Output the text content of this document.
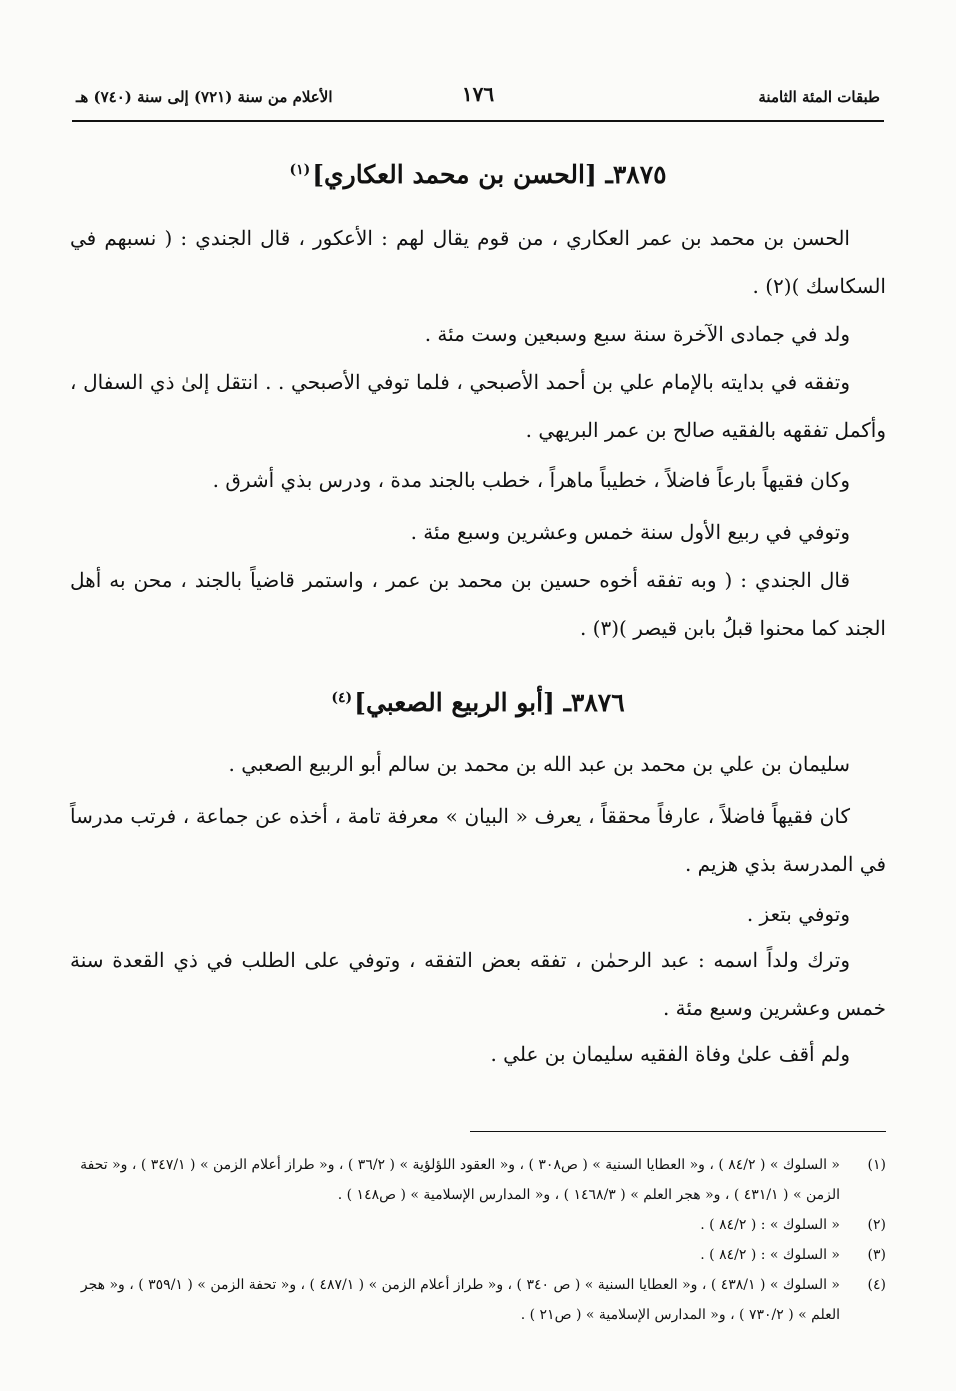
طبقات المئة الثامنة
١٧٦
الأعلام من سنة (٧٢١) إلى سنة (٧٤٠) هـ
٣٨٧٥ـ [الحسن بن محمد العكاري]$^{(١)}$

الحسن بن محمد بن عمر العكاري ، من قوم يقال لهم : الأعكور ، قال الجندي : ( نسبهم في السكاسك )(٢) .

ولد في جمادى الآخرة سنة سبع وسبعين وست مئة .

وتفقه في بدايته بالإمام علي بن أحمد الأصبحي ، فلما توفي الأصبحي . . انتقل إلىٰ ذي السفال ، وأكمل تفقهه بالفقيه صالح بن عمر البريهي .

وكان فقيهاً بارعاً فاضلاً ، خطيباً ماهراً ، خطب بالجند مدة ، ودرس بذي أشرق .

وتوفي في ربيع الأول سنة خمس وعشرين وسبع مئة .

قال الجندي : ( وبه تفقه أخوه حسين بن محمد بن عمر ، واستمر قاضياً بالجند ، محن به أهل الجند كما محنوا قبلُ بابن قيصر )(٣) .

٣٨٧٦ـ [أبو الربيع الصعبي]$^{(٤)}$

سليمان بن علي بن محمد بن عبد الله بن محمد بن سالم أبو الربيع الصعبي .

كان فقيهاً فاضلاً ، عارفاً محققاً ، يعرف « البيان » معرفة تامة ، أخذه عن جماعة ، فرتب مدرساً في المدرسة بذي هزيم .

وتوفي بتعز .

وترك ولداً اسمه : عبد الرحمٰن ، تفقه بعض التفقه ، وتوفي على الطلب في ذي القعدة سنة خمس وعشرين وسبع مئة .

ولم أقف علىٰ وفاة الفقيه سليمان بن علي .

(١)
« السلوك » ( ٨٤/٢ ) ، و« العطايا السنية » ( ص٣٠٨ ) ، و« العقود اللؤلؤية » ( ٣٦/٢ ) ، و« طراز أعلام الزمن » ( ٣٤٧/١ ) ، و« تحفة الزمن » ( ٤٣١/١ ) ، و« هجر العلم » ( ١٤٦٨/٣ ) ، و« المدارس الإسلامية » ( ص١٤٨ ) .
(٢)
« السلوك » : ( ٨٤/٢ ) .
(٣)
« السلوك » : ( ٨٤/٢ ) .
(٤)
« السلوك » ( ٤٣٨/١ ) ، و« العطايا السنية » ( ص ٣٤٠ ) ، و« طراز أعلام الزمن » ( ٤٨٧/١ ) ، و« تحفة الزمن » ( ٣٥٩/١ ) ، و« هجر العلم » ( ٧٣٠/٢ ) ، و« المدارس الإسلامية » ( ص٢١ ) .
